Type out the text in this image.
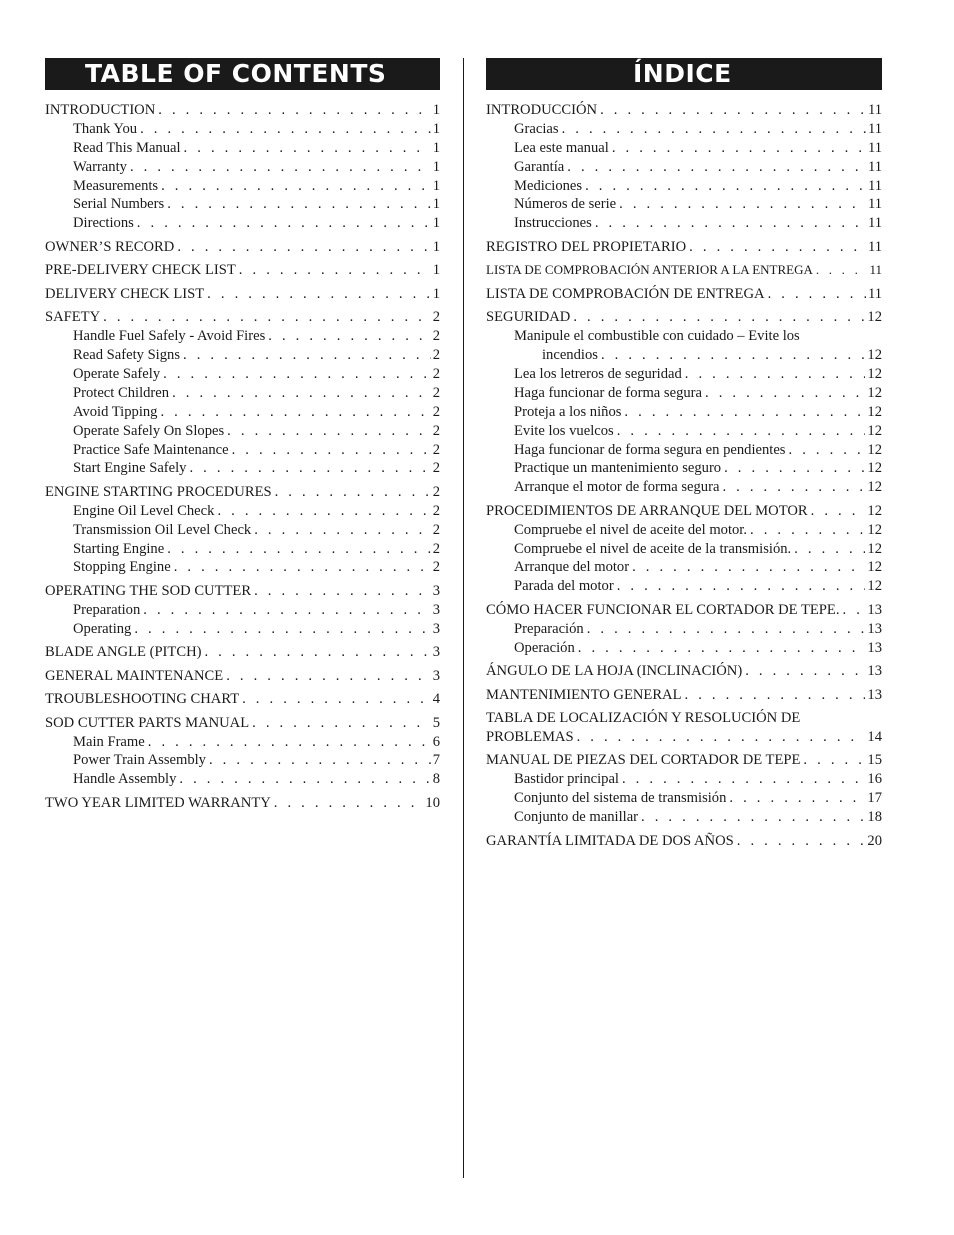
TABLE OF CONTENTS
INTRODUCTION . . .	1
Thank You . . .	1
Read This Manual . . .	1
Warranty . . .	1
Measurements . . .	1
Serial Numbers . . .	1
Directions . . .	1
OWNER’S RECORD . . .	1
PRE-DELIVERY CHECK LIST . . .	1
DELIVERY CHECK LIST . . .	1
SAFETY . . .	2
Handle Fuel Safely - Avoid Fires . . .	2
Read Safety Signs . . .	2
Operate Safely . . .	2
Protect Children . . .	2
Avoid Tipping . . .	2
Operate Safely On Slopes . . .	2
Practice Safe Maintenance . . .	2
Start Engine Safely . . .	2
ENGINE STARTING PROCEDURES . . .	2
Engine Oil Level Check . . .	2
Transmission Oil Level Check . . .	2
Starting Engine . . .	2
Stopping Engine . . .	2
OPERATING THE SOD CUTTER . . .	3
Preparation . . .	3
Operating . . .	3
BLADE ANGLE (PITCH) . . .	3
GENERAL MAINTENANCE . . .	3
TROUBLESHOOTING CHART . . .	4
SOD CUTTER PARTS MANUAL . . .	5
Main Frame . . .	6
Power Train Assembly . . .	7
Handle Assembly . . .	8
TWO YEAR LIMITED WARRANTY . . .	10
ÍNDICE
INTRODUCCIÓN . . .	11
Gracias . . .	11
Lea este manual . . .	11
Garantía . . .	11
Mediciones . . .	11
Números de serie . . .	11
Instrucciones . . .	11
REGISTRO DEL PROPIETARIO . . .	11
LISTA DE COMPROBACIÓN ANTERIOR A LA ENTREGA . . .	11
LISTA DE COMPROBACIÓN DE ENTREGA . . .	11
SEGURIDAD . . .	12
Manipule el combustible con cuidado – Evite los
incendios . . .	12
Lea los letreros de seguridad . . .	12
Haga funcionar de forma segura . . .	12
Proteja a los niños . . .	12
Evite los vuelcos . . .	12
Haga funcionar de forma segura en pendientes . . .	12
Practique un mantenimiento seguro . . .	12
Arranque el motor de forma segura . . .	12
PROCEDIMIENTOS DE ARRANQUE DEL MOTOR . . .	12
Compruebe el nivel de aceite del motor. . . .	12
Compruebe el nivel de aceite de la transmisión. . . .	12
Arranque del motor . . .	12
Parada del motor . . .	12
CÓMO HACER FUNCIONAR EL CORTADOR DE TEPE. . . . 13
Preparación . . .	13
Operación . . .	13
ÁNGULO DE LA HOJA (INCLINACIÓN) . . .	13
MANTENIMIENTO GENERAL . . .	13
TABLA DE LOCALIZACIÓN Y RESOLUCIÓN DE
PROBLEMAS . . .	14
MANUAL DE PIEZAS DEL CORTADOR DE TEPE . . .	15
Bastidor principal . . .	16
Conjunto del sistema de transmisión . . .	17
Conjunto de manillar . . .	18
GARANTÍA LIMITADA DE DOS AÑOS . . .	20
